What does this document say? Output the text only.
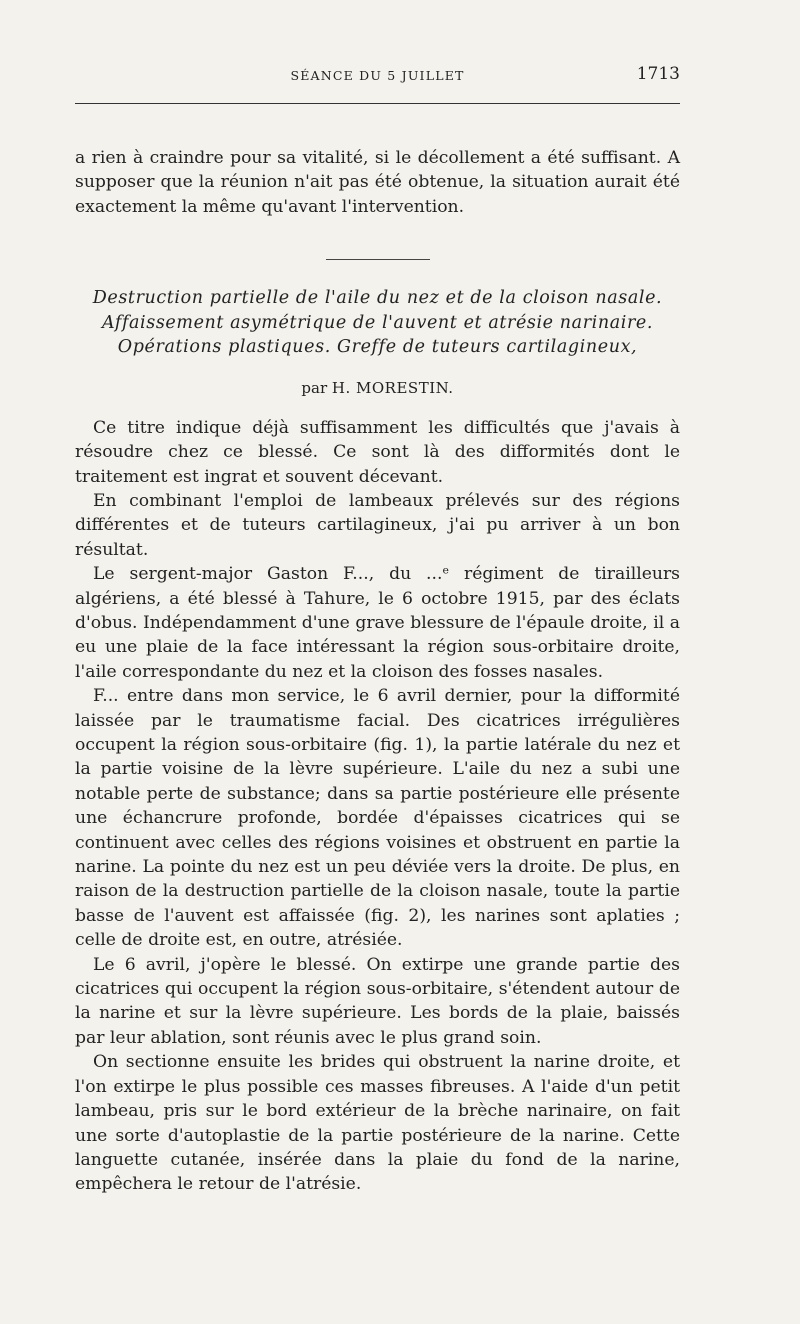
SÉANCE DU 5 JUILLET	1713

a rien à craindre pour sa vitalité, si le décollement a été suffisant. A supposer que la réunion n'ait pas été obtenue, la situation aurait été exactement la même qu'avant l'intervention.

Destruction partielle de l'aile du nez et de la cloison nasale.
Affaissement asymétrique de l'auvent et atrésie narinaire.
Opérations plastiques. Greffe de tuteurs cartilagineux,
par H. MORESTIN.

Ce titre indique déjà suffisamment les difficultés que j'avais à résoudre chez ce blessé. Ce sont là des difformités dont le traitement est ingrat et souvent décevant.

En combinant l'emploi de lambeaux prélevés sur des régions différentes et de tuteurs cartilagineux, j'ai pu arriver à un bon résultat.

Le sergent-major Gaston F..., du ...ᵉ régiment de tirailleurs algériens, a été blessé à Tahure, le 6 octobre 1915, par des éclats d'obus. Indépendamment d'une grave blessure de l'épaule droite, il a eu une plaie de la face intéressant la région sous-orbitaire droite, l'aile correspondante du nez et la cloison des fosses nasales.

F... entre dans mon service, le 6 avril dernier, pour la difformité laissée par le traumatisme facial. Des cicatrices irrégulières occupent la région sous-orbitaire (fig. 1), la partie latérale du nez et la partie voisine de la lèvre supérieure. L'aile du nez a subi une notable perte de substance; dans sa partie postérieure elle présente une échancrure profonde, bordée d'épaisses cicatrices qui se continuent avec celles des régions voisines et obstruent en partie la narine. La pointe du nez est un peu déviée vers la droite. De plus, en raison de la destruction partielle de la cloison nasale, toute la partie basse de l'auvent est affaissée (fig. 2), les narines sont aplaties ; celle de droite est, en outre, atrésiée.

Le 6 avril, j'opère le blessé. On extirpe une grande partie des cicatrices qui occupent la région sous-orbitaire, s'étendent autour de la narine et sur la lèvre supérieure. Les bords de la plaie, baissés par leur ablation, sont réunis avec le plus grand soin.

On sectionne ensuite les brides qui obstruent la narine droite, et l'on extirpe le plus possible ces masses fibreuses. A l'aide d'un petit lambeau, pris sur le bord extérieur de la brèche narinaire, on fait une sorte d'autoplastie de la partie postérieure de la narine. Cette languette cutanée, insérée dans la plaie du fond de la narine, empêchera le retour de l'atrésie.
